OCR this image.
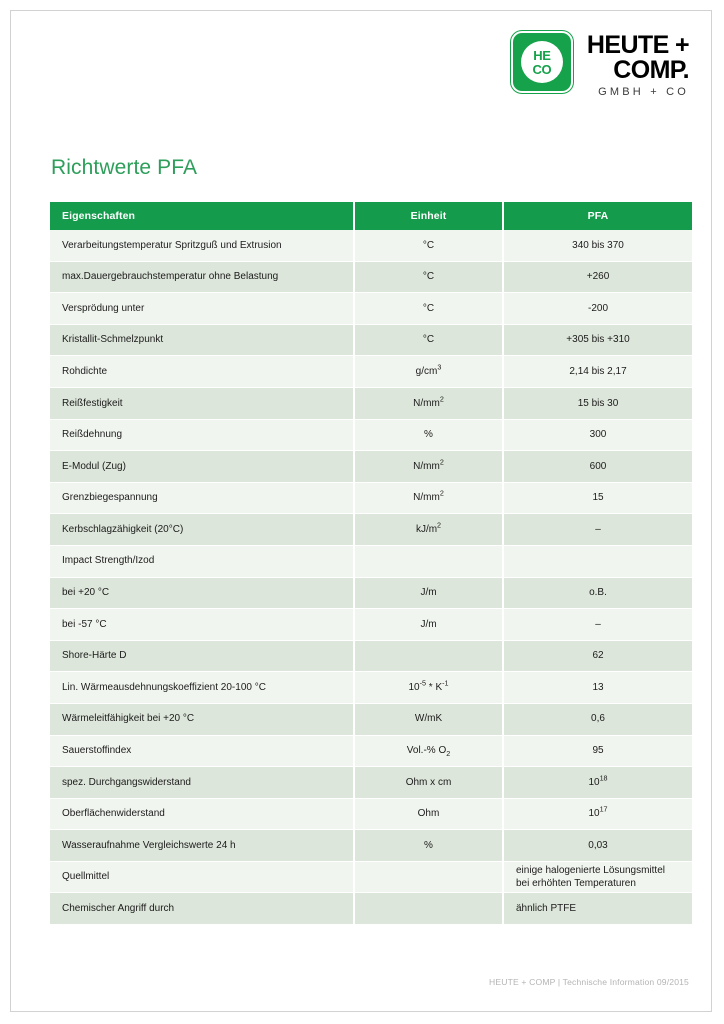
HE
CO
HEUTE +
COMP.
GMBH + CO
Richtwerte PFA
Eigenschaften	Einheit	PFA
Verarbeitungstemperatur Spritzguß und Extrusion	°C	340 bis 370
max.Dauergebrauchstemperatur ohne Belastung	°C	+260
Versprödung unter	°C	-200
Kristallit-Schmelzpunkt	°C	+305 bis +310
Rohdichte	$g/cm^3$	2,14 bis 2,17
Reißfestigkeit	$N/mm^2$	15 bis 30
Reißdehnung	%	300
E-Modul (Zug)	$N/mm^2$	600
Grenzbiegespannung	$N/mm^2$	15
Kerbschlagzähigkeit (20°C)	$kJ/m^2$	–
Impact Strength/Izod		
bei +20 °C	J/m	o.B.
bei -57 °C	J/m	–
Shore-Härte D		62
Lin. Wärmeausdehnungskoeffizient 20-100 °C	$10^{-5} * K^{-1}$	13
Wärmeleitfähigkeit bei +20 °C	W/mK	0,6
Sauerstoffindex	Vol.-% $O_2$	95
spez. Durchgangswiderstand	Ohm x cm	$10^{18}$
Oberflächenwiderstand	Ohm	$10^{17}$
Wasseraufnahme Vergleichswerte 24 h	%	0,03
Quellmittel		einige halogenierte Lösungsmittel
bei erhöhten Temperaturen
Chemischer Angriff durch		ähnlich PTFE
HEUTE + COMP | Technische Information 09/2015
